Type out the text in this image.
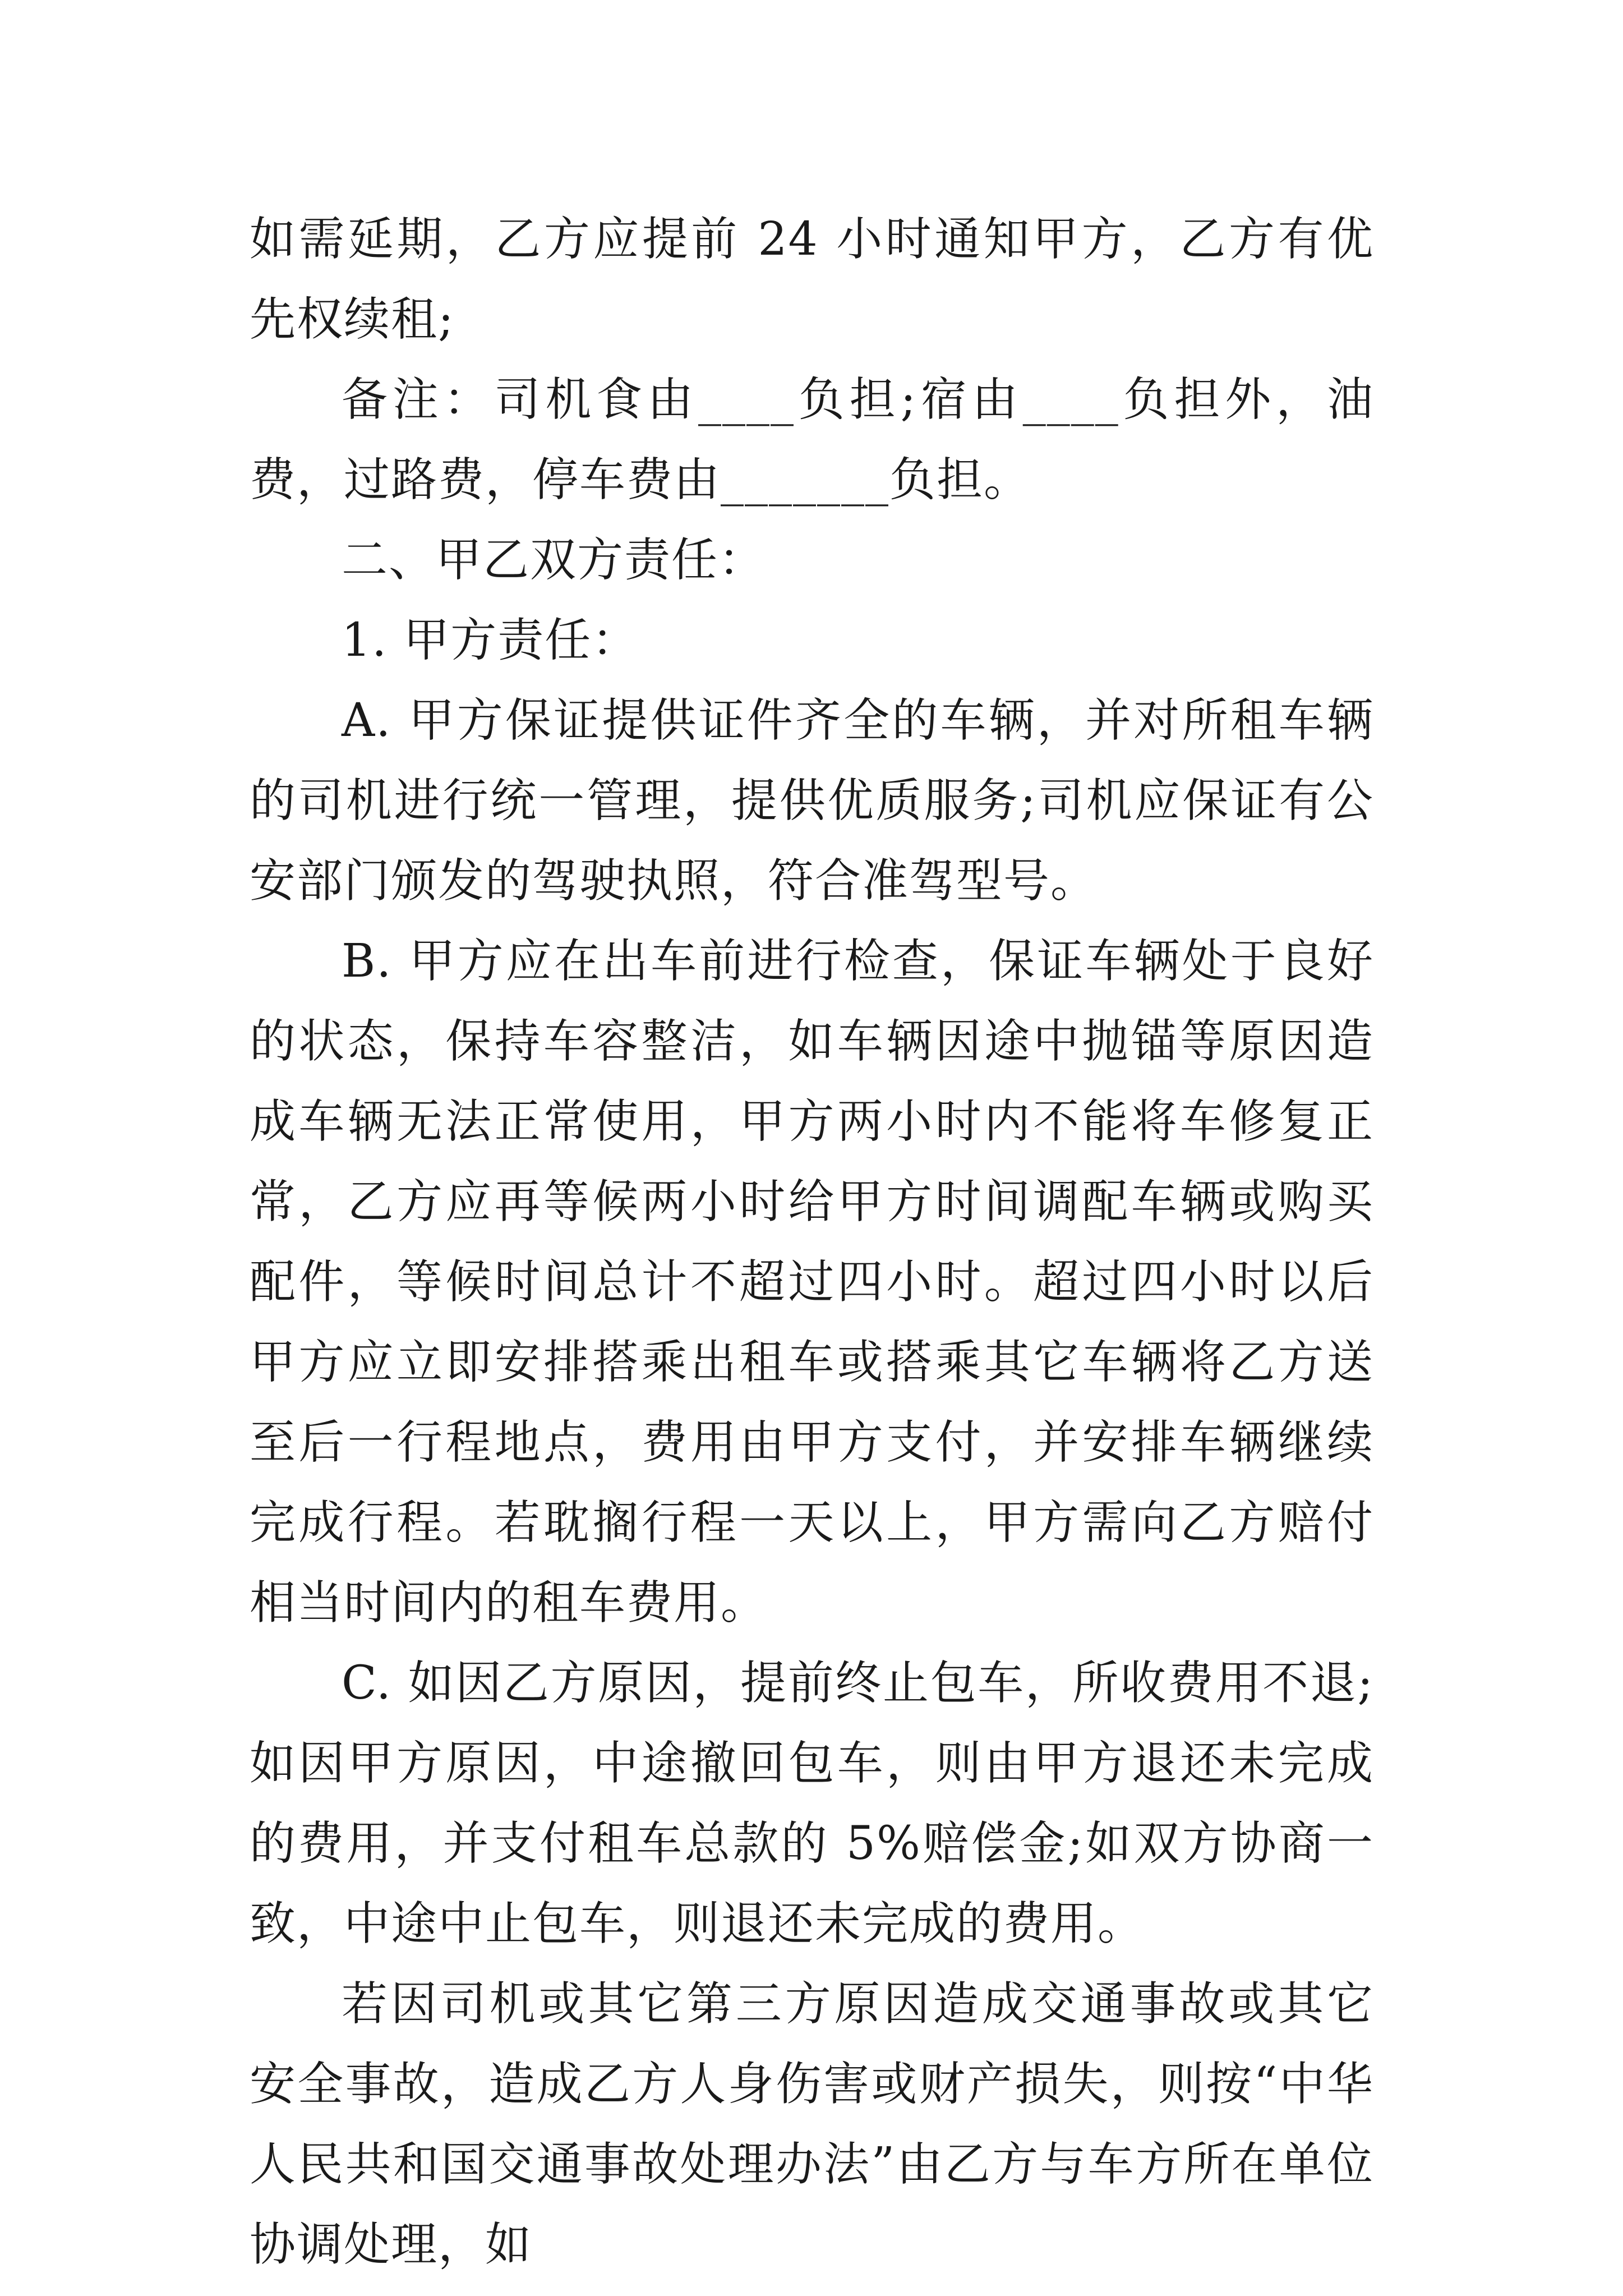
如需延期，乙方应提前 24 小时通知甲方，乙方有优先权续租;

备注：司机食由____负担;宿由____负担外，油费，过路费，停车费由_______负担。

二、甲乙双方责任：

1. 甲方责任：

A. 甲方保证提供证件齐全的车辆，并对所租车辆的司机进行统一管理，提供优质服务;司机应保证有公安部门颁发的驾驶执照，符合准驾型号。

B. 甲方应在出车前进行检查，保证车辆处于良好的状态，保持车容整洁，如车辆因途中抛锚等原因造成车辆无法正常使用，甲方两小时内不能将车修复正常，乙方应再等候两小时给甲方时间调配车辆或购买配件，等候时间总计不超过四小时。超过四小时以后甲方应立即安排搭乘出租车或搭乘其它车辆将乙方送至后一行程地点，费用由甲方支付，并安排车辆继续完成行程。若耽搁行程一天以上，甲方需向乙方赔付相当时间内的租车费用。

C. 如因乙方原因，提前终止包车，所收费用不退;如因甲方原因，中途撤回包车，则由甲方退还未完成的费用，并支付租车总款的 5%赔偿金;如双方协商一致，中途中止包车，则退还未完成的费用。

若因司机或其它第三方原因造成交通事故或其它安全事故，造成乙方人身伤害或财产损失，则按“中华人民共和国交通事故处理办法”由乙方与车方所在单位协调处理，如
